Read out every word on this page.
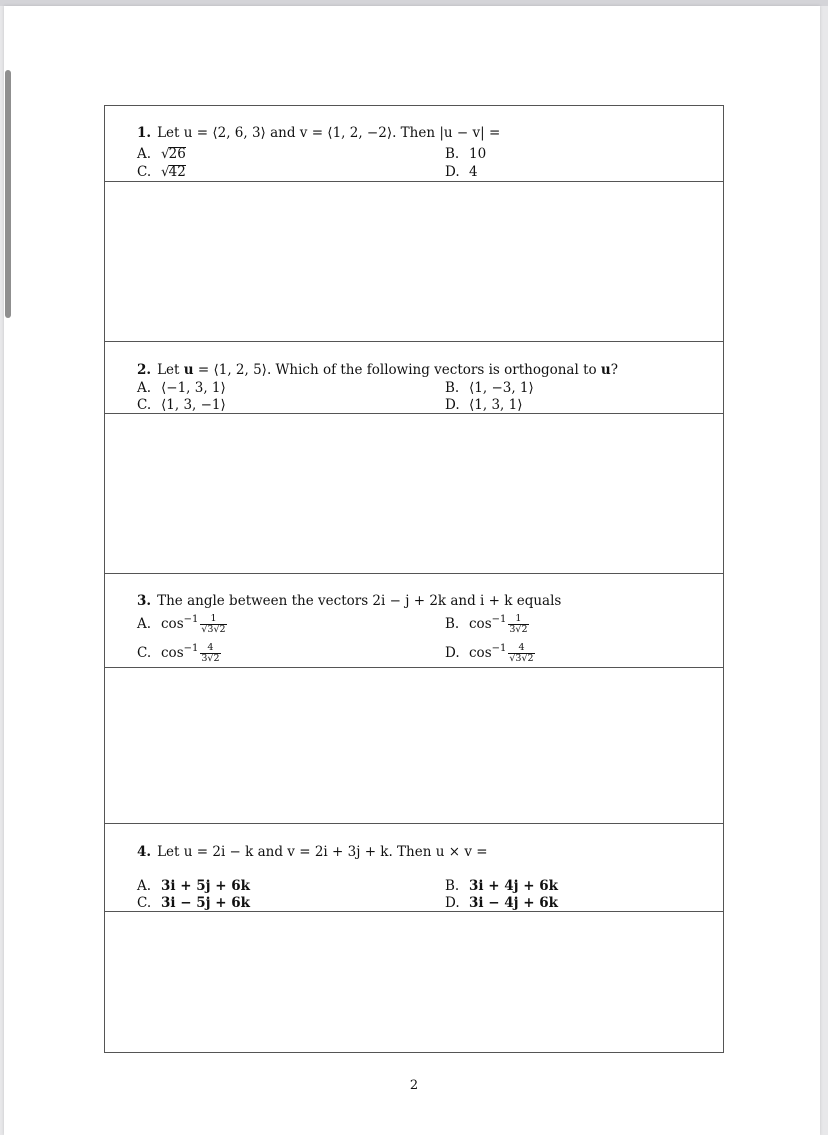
1. Let u = ⟨2, 6, 3⟩ and v = ⟨1, 2, −2⟩. Then |u − v| =
A. √26	B. 10
C. √42	D. 4
2. Let u = ⟨1, 2, 5⟩. Which of the following vectors is orthogonal to u?
A. ⟨−1, 3, 1⟩	B. ⟨1, −3, 1⟩
C. ⟨1, 3, −1⟩	D. ⟨1, 3, 1⟩
3. The angle between the vectors 2i − j + 2k and i + k equals
A. $\cos^{-1} \frac{1}{√3√2}$	B. $\cos^{-1} \frac{1}{3√2}$
C. $\cos^{-1} \frac{4}{3√2}$	D. $\cos^{-1} \frac{4}{√3√2}$
4. Let u = 2i − k and v = 2i + 3j + k. Then u × v =
A. 3i + 5j + 6k	B. 3i + 4j + 6k
C. 3i − 5j + 6k	D. 3i − 4j + 6k
2
